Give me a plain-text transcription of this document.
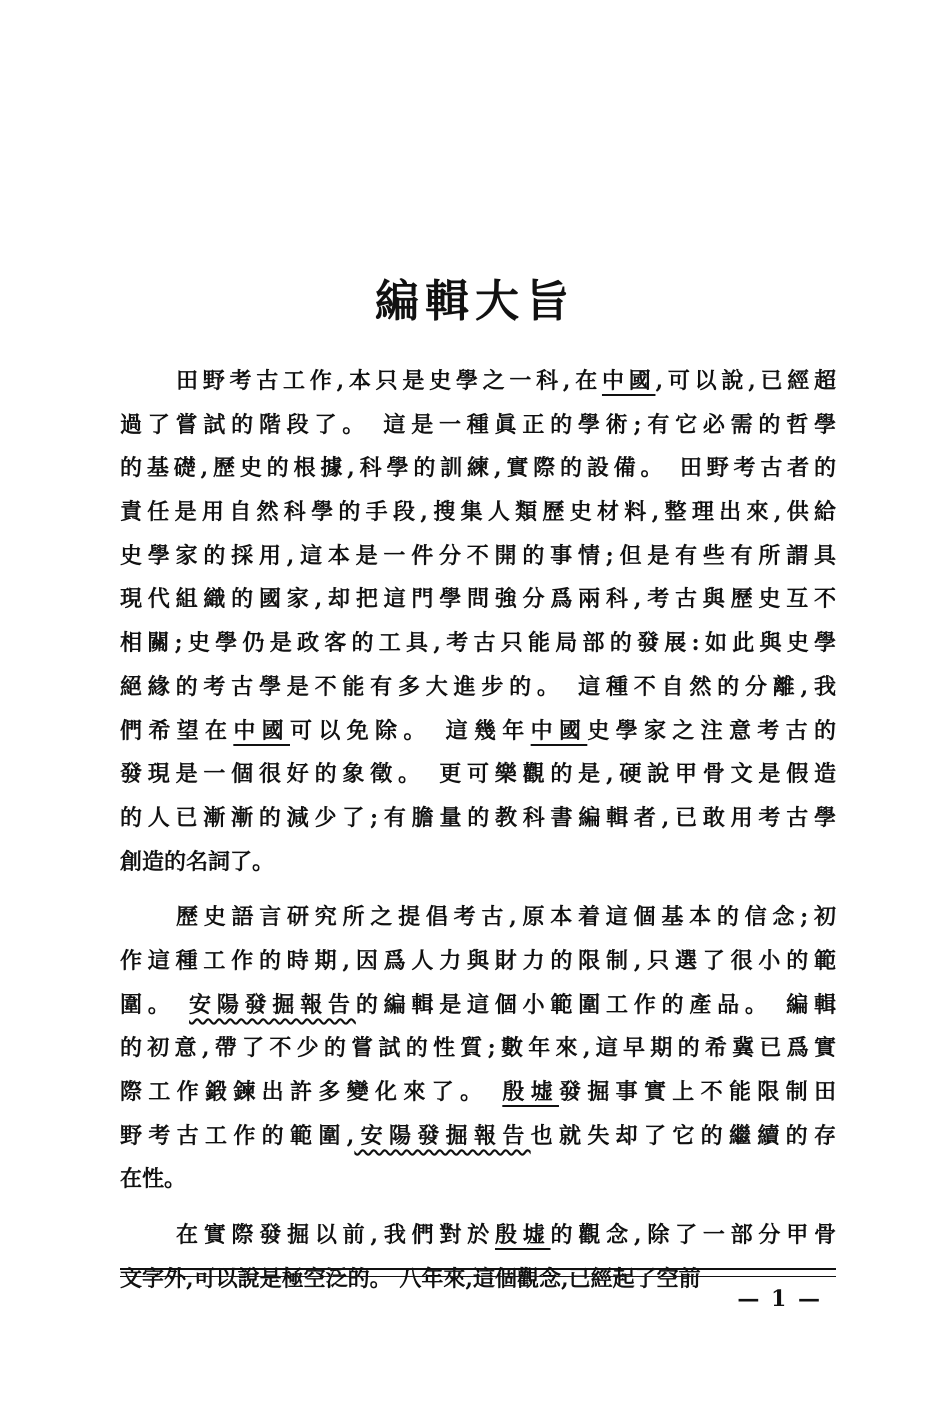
編輯大旨
田野考古工作,本只是史學之一科,在中國,可以說,已經超
過了嘗試的階段了。 這是一種眞正的學術;有它必需的哲學
的基礎,歷史的根據,科學的訓練,實際的設備。 田野考古者的
責任是用自然科學的手段,搜集人類歷史材料,整理出來,供給
史學家的採用,這本是一件分不開的事情;但是有些有所謂具
現代組織的國家,却把這門學問強分爲兩科,考古與歷史互不
相關;史學仍是政客的工具,考古只能局部的發展:如此與史學
絕緣的考古學是不能有多大進步的。 這種不自然的分離,我
們希望在中國可以免除。 這幾年中國史學家之注意考古的
發現是一個很好的象徵。 更可樂觀的是,硬說甲骨文是假造
的人已漸漸的減少了;有膽量的教科書編輯者,已敢用考古學
創造的名詞了。
歷史語言研究所之提倡考古,原本着這個基本的信念;初
作這種工作的時期,因爲人力與財力的限制,只選了很小的範
圍。 安陽發掘報告的編輯是這個小範圍工作的產品。 編輯
的初意,帶了不少的嘗試的性質;數年來,這早期的希冀已爲實
際工作鍛鍊出許多變化來了。 殷墟發掘事實上不能限制田
野考古工作的範圍,安陽發掘報告也就失却了它的繼續的存
在性。
在實際發掘以前,我們對於殷墟的觀念,除了一部分甲骨
文字外,可以說是極空泛的。 八年來,這個觀念,已經起了空前
— 1 —
